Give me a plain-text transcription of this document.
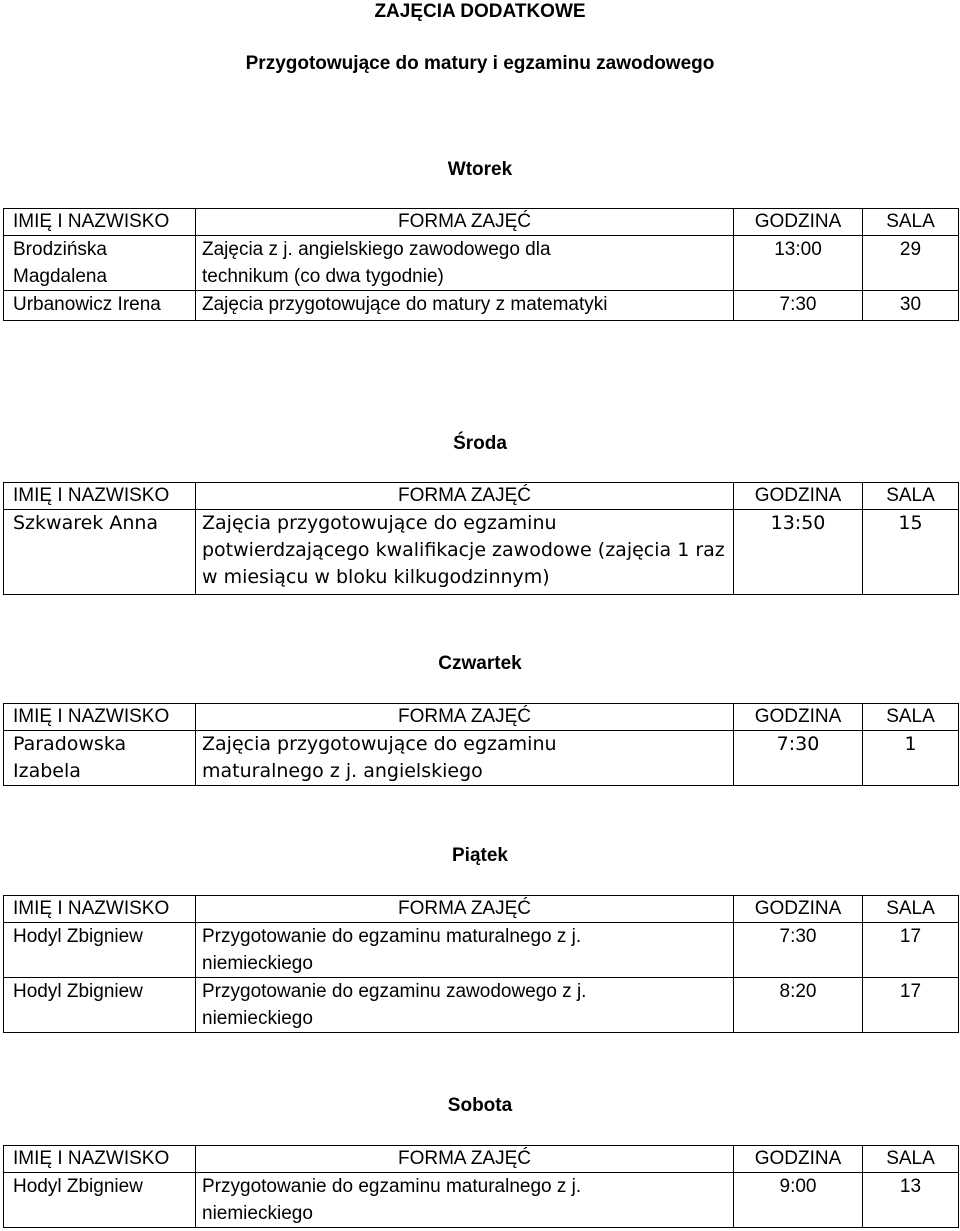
ZAJĘCIA DODATKOWE
Przygotowujące do matury i egzaminu zawodowego
Wtorek
IMIĘ I NAZWISKO	FORMA ZAJĘĆ	GODZINA	SALA
Brodzińska Magdalena	Zajęcia z j. angielskiego zawodowego dla technikum (co dwa tygodnie)	13:00	29
Urbanowicz Irena	Zajęcia przygotowujące do matury z matematyki	7:30	30
Środa
IMIĘ I NAZWISKO	FORMA ZAJĘĆ	GODZINA	SALA
Szkwarek Anna	Zajęcia przygotowujące do egzaminu potwierdzającego kwalifikacje zawodowe (zajęcia 1 raz w miesiącu w bloku kilkugodzinnym)	13:50	15
Czwartek
IMIĘ I NAZWISKO	FORMA ZAJĘĆ	GODZINA	SALA
Paradowska Izabela	Zajęcia przygotowujące do egzaminu maturalnego z j. angielskiego	7:30	1
Piątek
IMIĘ I NAZWISKO	FORMA ZAJĘĆ	GODZINA	SALA
Hodyl Zbigniew	Przygotowanie do egzaminu maturalnego z j. niemieckiego	7:30	17
Hodyl Zbigniew	Przygotowanie do egzaminu zawodowego z j. niemieckiego	8:20	17
Sobota
IMIĘ I NAZWISKO	FORMA ZAJĘĆ	GODZINA	SALA
Hodyl Zbigniew	Przygotowanie do egzaminu maturalnego z j. niemieckiego	9:00	13
